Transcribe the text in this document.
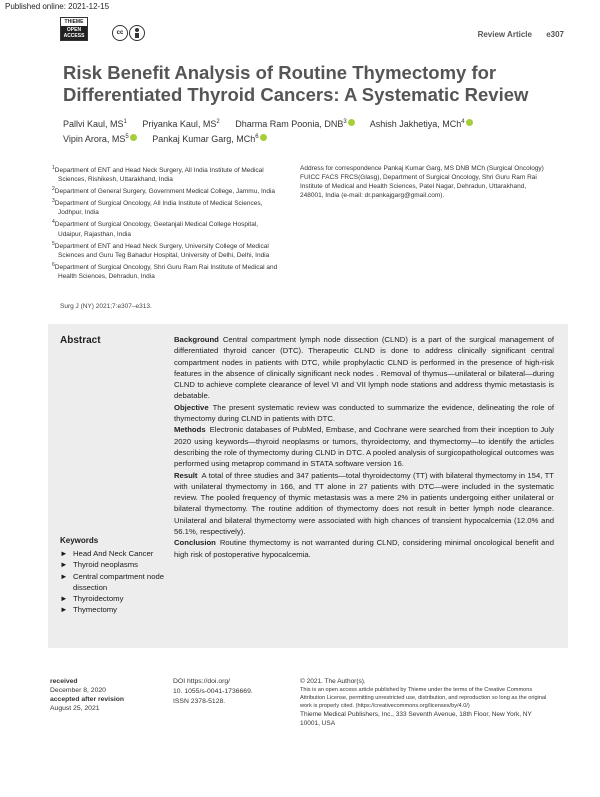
Published online: 2021-12-15
THIEME
OPEN ACCESS	cc	Review Article e307
Risk Benefit Analysis of Routine Thymectomy for Differentiated Thyroid Cancers: A Systematic Review
Pallvi Kaul, $MS^1$ Priyanka Kaul, $MS^2$ Dharma Ram Poonia, DNB$^3$	Ashish Jakhetiya, MCh$^4$
Vipin Arora, $MS^5$	Pankaj Kumar Garg, MCh$^6$
$^1$Department of ENT and Head Neck Surgery, All India Institute of Medical Sciences, Rishikesh, Uttarakhand, India
$^2$Department of General Surgery, Government Medical College, Jammu, India
$^3$Department of Surgical Oncology, All India Institute of Medical Sciences, Jodhpur, India
$^4$Department of Surgical Oncology, Geetanjali Medical College Hospital, Udaipur, Rajasthan, India
$^5$Department of ENT and Head Neck Surgery, University College of Medical Sciences and Guru Teg Bahadur Hospital, University of Delhi, Delhi, India
$^6$Department of Surgical Oncology, Shri Guru Ram Rai Institute of Medical and Health Sciences, Dehradun, India
Address for correspondence Pankaj Kumar Garg, MS DNB MCh (Surgical Oncology) FUICC FACS FRCS(Glasg), Department of Surgical Oncology, Shri Guru Ram Rai Institute of Medical and Health Sciences, Patel Nagar, Dehradun, Uttarakhand, 248001, India (e-mail: dr.pankajgarg@gmail.com).
Surg J (NY) 2021;7:e307–e313.
Abstract	Background Central compartment lymph node dissection (CLND) is a part of the surgical management of differentiated thyroid cancer (DTC). Therapeutic CLND is done to address clinically significant central compartment nodes in patients with DTC, while prophylactic CLND is performed in the presence of high-risk features in the absence of clinically significant neck nodes . Removal of thymus—unilateral or bilateral—during CLND to achieve complete clearance of level VI and VII lymph node stations and address thymic metastasis is debatable.

Objective The present systematic review was conducted to summarize the evidence, delineating the role of thymectomy during CLND in patients with DTC.

Methods Electronic databases of PubMed, Embase, and Cochrane were searched from their inception to July 2020 using keywords—thyroid neoplasms or tumors, thyroidectomy, and thymectomy—to identify the articles describing the role of thymectomy during CLND in DTC. A pooled analysis of surgicopathological outcomes was performed using metaprop command in STATA software version 16.

Result A total of three studies and 347 patients—total thyroidectomy (TT) with bilateral thymectomy in 154, TT with unilateral thymectomy in 166, and TT alone in 27 patients with DTC—were included in the systematic review. The pooled frequency of thymic metastasis was a mere 2% in patients undergoing either unilateral or bilateral thymectomy. The routine addition of thymectomy does not result in better lymph node clearance. Unilateral and bilateral thymectomy were associated with high chances of transient hypocalcemia (12.0% and 56.1%, respectively).

Conclusion Routine thymectomy is not warranted during CLND, considering minimal oncological benefit and high risk of postoperative hypocalcemia.

Keywords
► Head And Neck Cancer
► Thyroid neoplasms
► Central compartment node dissection
► Thyroidectomy
► Thymectomy
received
December 8, 2020
accepted after revision
August 25, 2021
DOI https://doi.org/
10. 1055/s-0041-1736669.
ISSN 2378-5128.
© 2021. The Author(s).
This is an open access article published by Thieme under the terms of the Creative Commons Attribution License, permitting unrestricted use, distribution, and reproduction so long as the original work is properly cited. (https://creativecommons.org/licenses/by/4.0/)
Thieme Medical Publishers, Inc., 333 Seventh Avenue, 18th Floor, New York, NY 10001, USA
